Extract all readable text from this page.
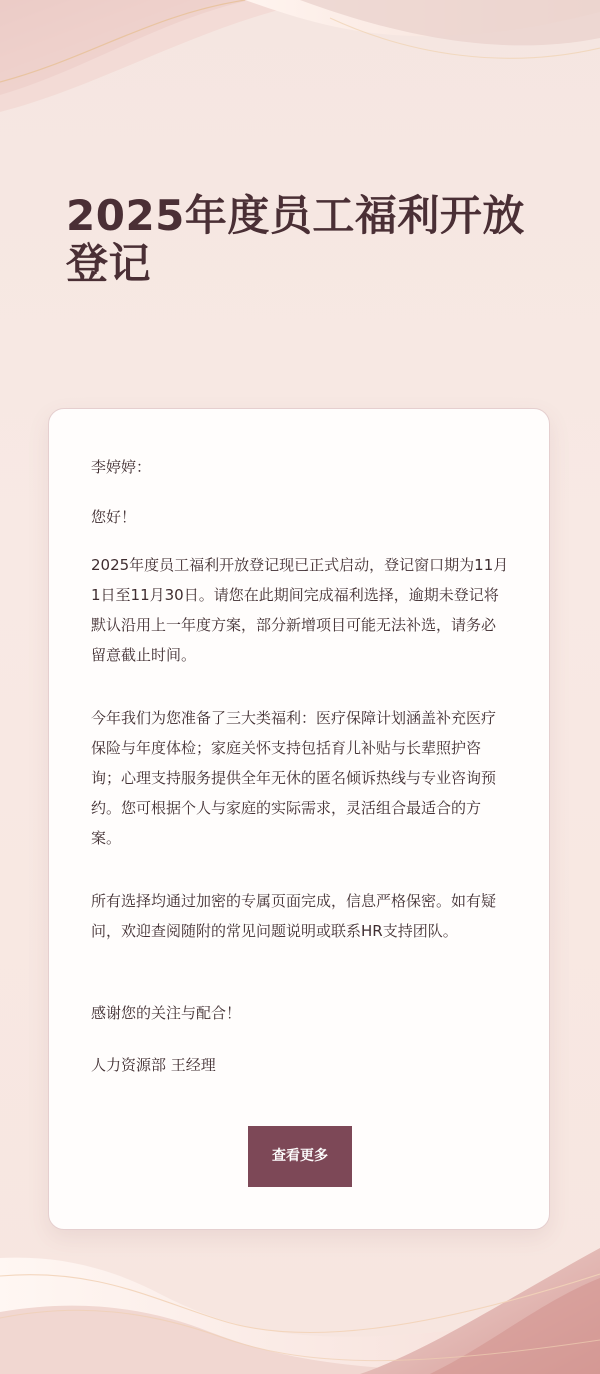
2025年度员工福利开放登记

李婷婷：

您好！

2025年度员工福利开放登记现已正式启动，登记窗口期为11月1日至11月30日。请您在此期间完成福利选择，逾期未登记将默认沿用上一年度方案，部分新增项目可能无法补选，请务必留意截止时间。

今年我们为您准备了三大类福利：医疗保障计划涵盖补充医疗保险与年度体检；家庭关怀支持包括育儿补贴与长辈照护咨询；心理支持服务提供全年无休的匿名倾诉热线与专业咨询预约。您可根据个人与家庭的实际需求，灵活组合最适合的方案。

所有选择均通过加密的专属页面完成，信息严格保密。如有疑问，欢迎查阅随附的常见问题说明或联系HR支持团队。

感谢您的关注与配合！

人力资源部 王经理

查看更多
